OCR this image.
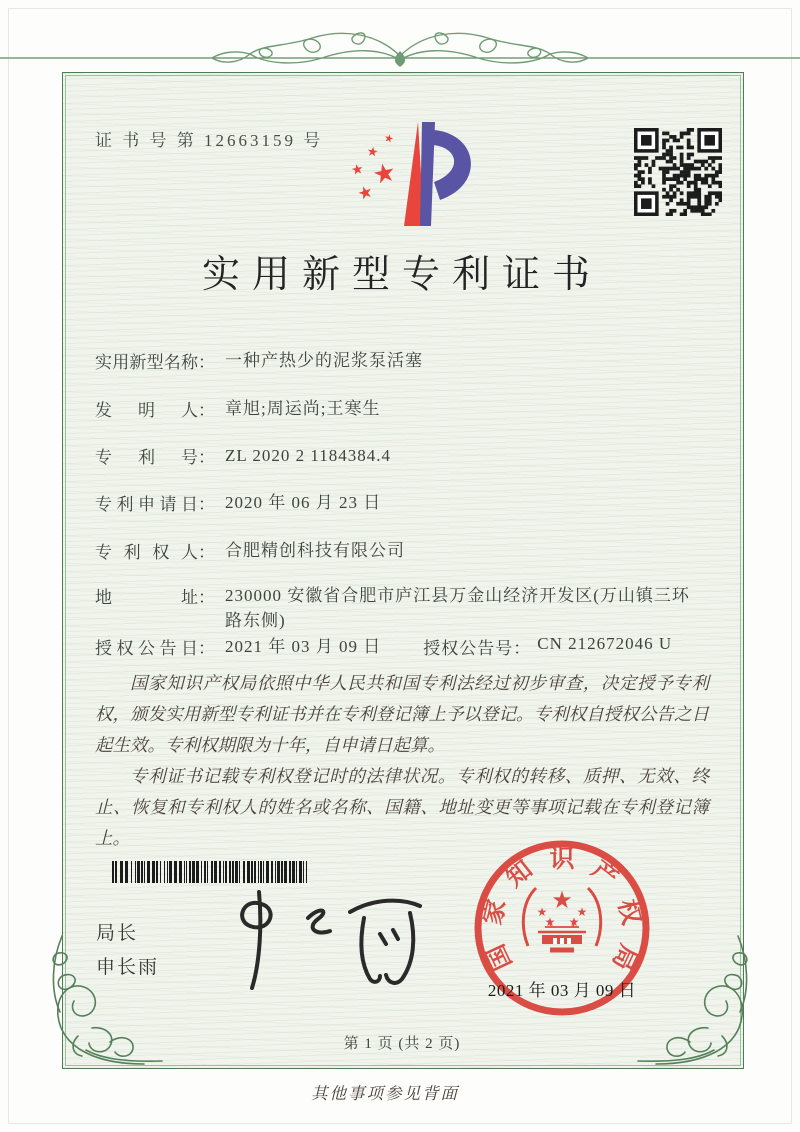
证 书 号 第 12663159 号
★
★
★
★
★
实用新型专利证书
实用新型名称 ： 一种产热少的泥浆泵活塞
发明人 ： 章旭;周运尚;王寒生
专利号 ： ZL 2020 2 1184384.4
专利申请日 ： 2020 年 06 月 23 日
专利权人 ： 合肥精创科技有限公司
地址 ： 230000 安徽省合肥市庐江县万金山经济开发区(万山镇三环路东侧)
授权公告日 ： 2021 年 03 月 09 日 授权公告号： CN 212672046 U

国家知识产权局依照中华人民共和国专利法经过初步审查，决定授予专利权，颁发实用新型专利证书并在专利登记簿上予以登记。专利权自授权公告之日起生效。专利权期限为十年，自申请日起算。

专利证书记载专利权登记时的法律状况。专利权的转移、质押、无效、终止、恢复和专利权人的姓名或名称、国籍、地址变更等事项记载在专利登记簿上。

局长
申长雨	国
家
知 识 产
权
局
★
★ ★
★ ★
2021 年 03 月 09 日
第 1 页 (共 2 页)
其他事项参见背面
